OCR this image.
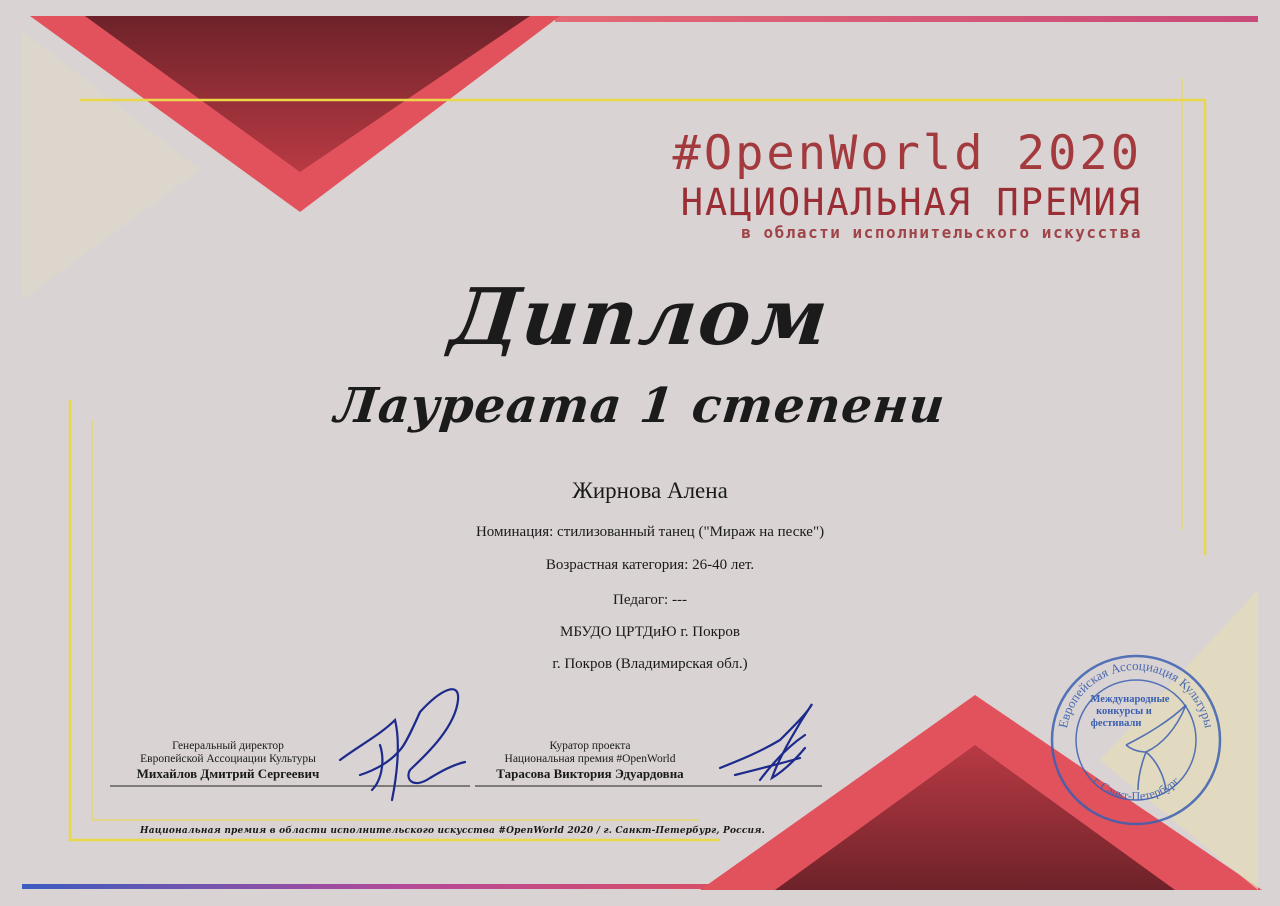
#OpenWorld 2020
НАЦИОНАЛЬНАЯ ПРЕМИЯ
в области исполнительского искусства
Диплом
Лауреата 1 степени
Жирнова Алена
Номинация: стилизованный танец ("Мираж на песке")
Возрастная категория: 26-40 лет.
Педагог: ---
МБУДО ЦРТДиЮ г. Покров
г. Покров (Владимирская обл.)
Генеральный директор
Европейской Ассоциации Культуры
Михайлов Дмитрий Сергеевич
Куратор проекта
Национальная премия #OpenWorld
Тарасова Виктория Эдуардовна
Национальная премия в области исполнительского искусства #OpenWorld 2020 / г. Санкт-Петербург, Россия.
Европейская Ассоциация Культуры
г. Санкт-Петербург
Международные
конкурсы и
фестивали
